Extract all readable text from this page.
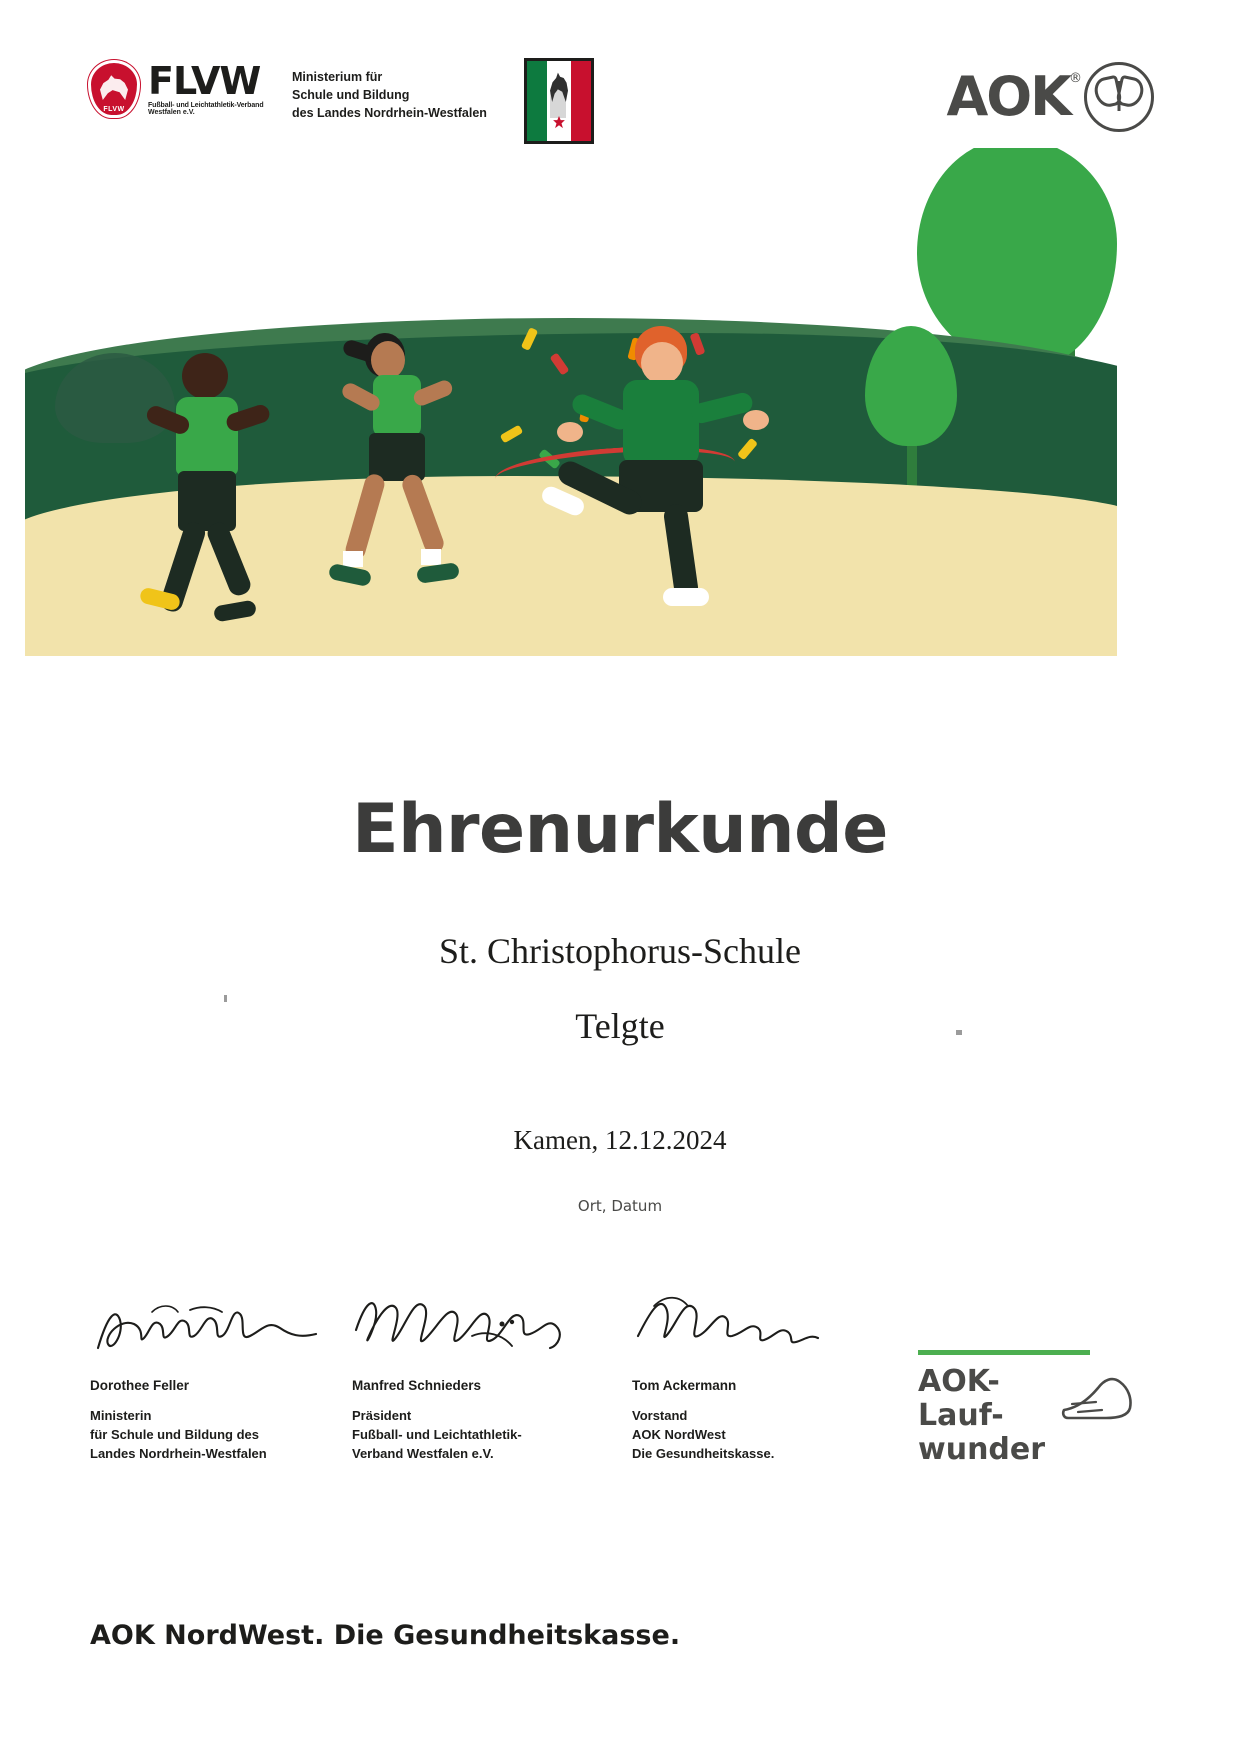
FLVW
FLVW
Fußball- und Leichtathletik-Verband
Westfalen e.V.
Ministerium für
Schule und Bildung
des Landes Nordrhein-Westfalen	AOK ®
Ehrenurkunde
St. Christophorus-Schule
Telgte
Kamen, 12.12.2024
Ort, Datum
Dorothee Feller
Ministerin
für Schule und Bildung des
Landes Nordrhein-Westfalen
Manfred Schnieders
Präsident
Fußball- und Leichtathletik-
Verband Westfalen e.V.
Tom Ackermann
Vorstand
AOK NordWest
Die Gesundheitskasse.
AOK-
Lauf-
wunder
AOK NordWest. Die Gesundheitskasse.
